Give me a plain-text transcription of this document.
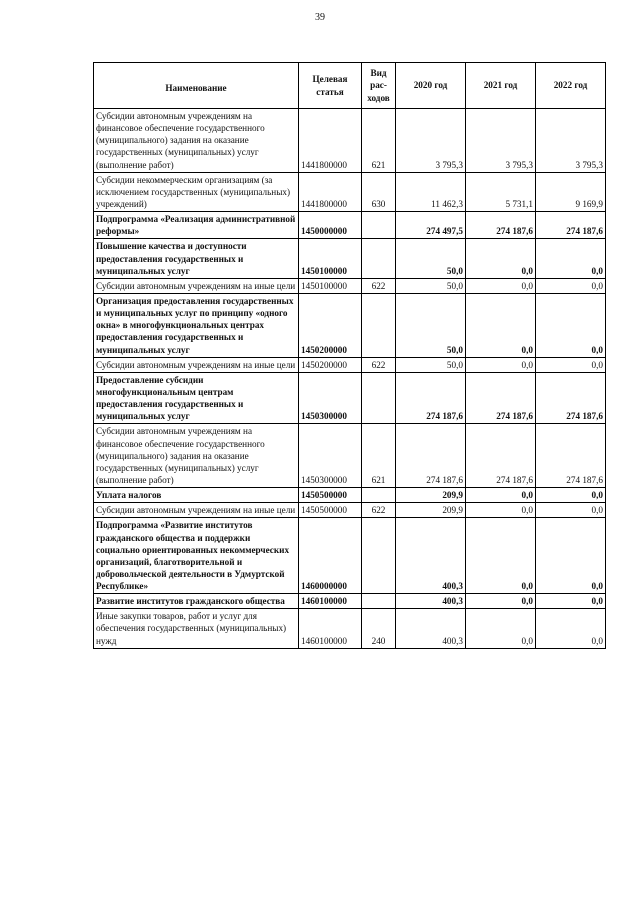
39
Наименование	Целевая статья	Вид рас-ходов	2020 год	2021 год	2022 год
Субсидии автономным учреждениям на финансовое обеспечение государственного (муниципального) задания на оказание государственных (муниципальных) услуг (выполнение работ)	1441800000	621	3 795,3	3 795,3	3 795,3
Субсидии некоммерческим организациям (за исключением государственных (муниципальных) учреждений)	1441800000	630	11 462,3	5 731,1	9 169,9
Подпрограмма «Реализация административной реформы»	1450000000		274 497,5	274 187,6	274 187,6
Повышение качества и доступности предоставления государственных и муниципальных услуг	1450100000		50,0	0,0	0,0
Субсидии автономным учреждениям на иные цели	1450100000	622	50,0	0,0	0,0
Организация предоставления государственных и муниципальных услуг по принципу «одного окна» в многофункциональных центрах предоставления государственных и муниципальных услуг	1450200000		50,0	0,0	0,0
Субсидии автономным учреждениям на иные цели	1450200000	622	50,0	0,0	0,0
Предоставление субсидии многофункциональным центрам предоставления государственных и муниципальных услуг	1450300000		274 187,6	274 187,6	274 187,6
Субсидии автономным учреждениям на финансовое обеспечение государственного (муниципального) задания на оказание государственных (муниципальных) услуг (выполнение работ)	1450300000	621	274 187,6	274 187,6	274 187,6
Уплата налогов	1450500000		209,9	0,0	0,0
Субсидии автономным учреждениям на иные цели	1450500000	622	209,9	0,0	0,0
Подпрограмма «Развитие институтов гражданского общества и поддержки социально ориентированных некоммерческих организаций, благотворительной и добровольческой деятельности в Удмуртской Республике»	1460000000		400,3	0,0	0,0
Развитие институтов гражданского общества	1460100000		400,3	0,0	0,0
Иные закупки товаров, работ и услуг для обеспечения государственных (муниципальных) нужд	1460100000	240	400,3	0,0	0,0
